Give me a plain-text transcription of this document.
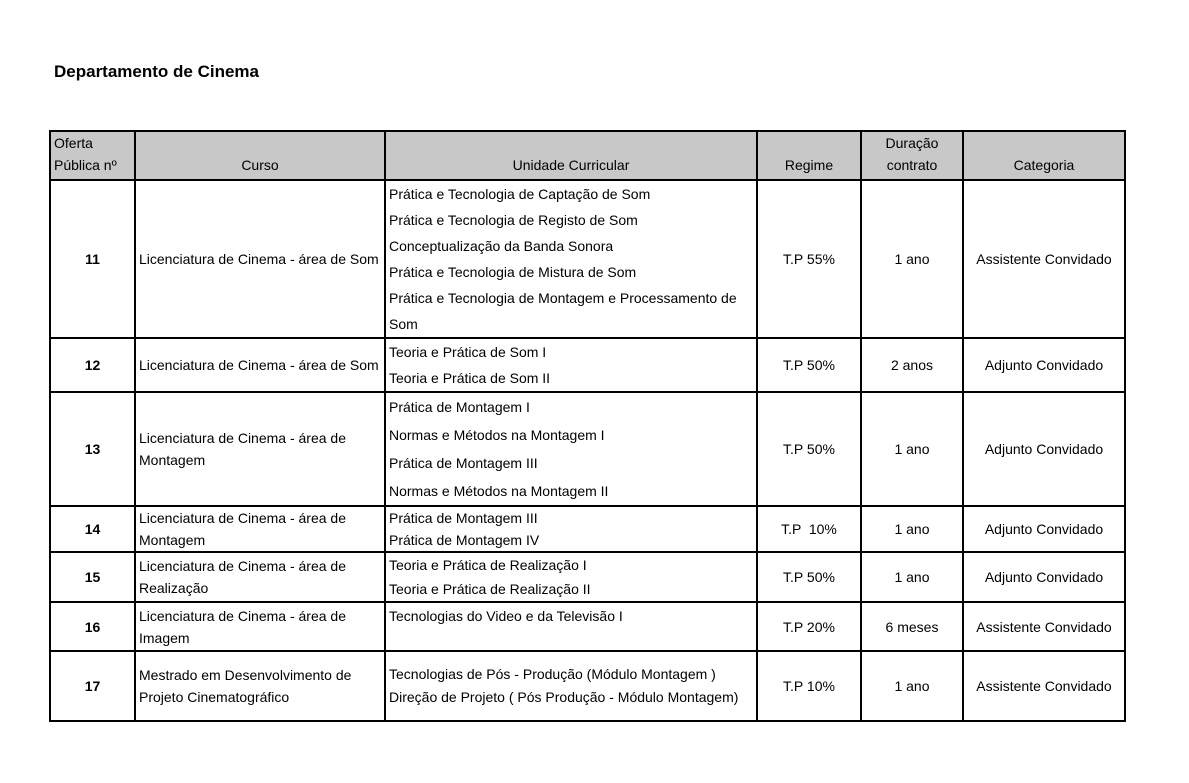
Departamento de Cinema
Oferta Pública nº	Curso	Unidade Curricular	Regime	Duração contrato	Categoria
11	Licenciatura de Cinema - área de Som	Prática e Tecnologia de Captação de Som
Prática e Tecnologia de Registo de Som
Conceptualização da Banda Sonora
Prática e Tecnologia de Mistura de Som
Prática e Tecnologia de Montagem e Processamento de Som	T.P 55%	1 ano	Assistente Convidado
12	Licenciatura de Cinema - área de Som	Teoria e Prática de Som I
Teoria e Prática de Som II	T.P 50%	2 anos	Adjunto Convidado
13	Licenciatura de Cinema - área de Montagem	Prática de Montagem I
Normas e Métodos na Montagem I
Prática de Montagem III
Normas e Métodos na Montagem II	T.P 50%	1 ano	Adjunto Convidado
14	Licenciatura de Cinema - área de Montagem	Prática de Montagem III
Prática de Montagem IV	T.P  10%	1 ano	Adjunto Convidado
15	Licenciatura de Cinema - área de Realização	Teoria e Prática de Realização I
Teoria e Prática de Realização II	T.P 50%	1 ano	Adjunto Convidado
16	Licenciatura de Cinema - área de Imagem	Tecnologias do Video e da Televisão I	T.P 20%	6 meses	Assistente Convidado
17	Mestrado em Desenvolvimento de Projeto Cinematográfico	Tecnologias de Pós - Produção (Módulo Montagem )
Direção de Projeto ( Pós Produção - Módulo Montagem)	T.P 10%	1 ano	Assistente Convidado
